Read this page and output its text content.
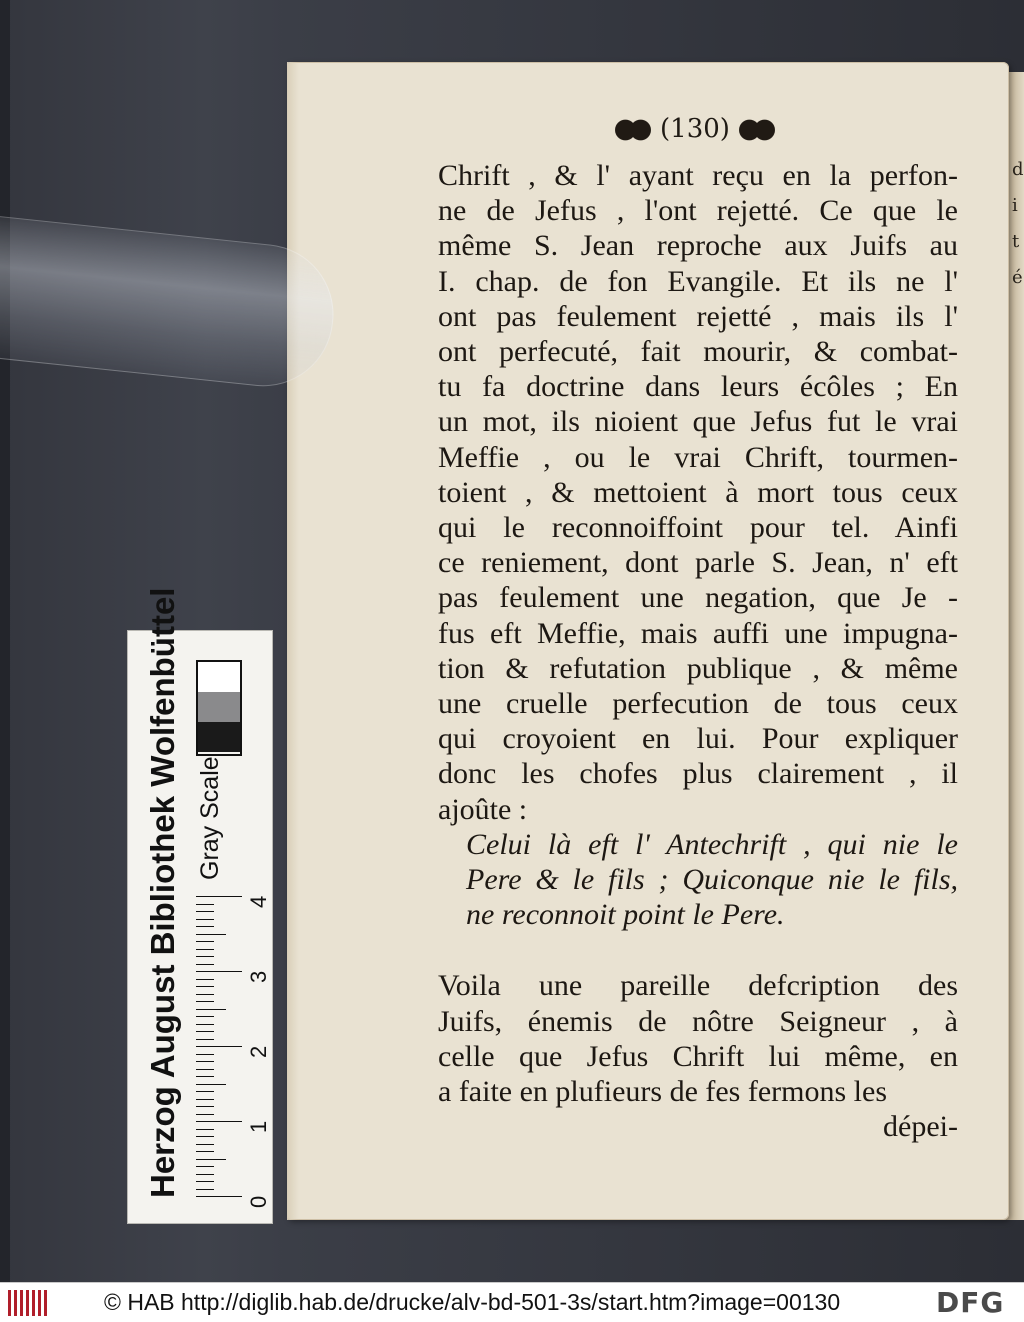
d
i
t
é
(130)
Chrift , & l' ayant reçu en la perfon-
ne de Jefus , l'ont rejetté. Ce que le
même S. Jean reproche aux Juifs au
I. chap. de fon Evangile. Et ils ne l'
ont pas feulement rejetté , mais ils l'
ont perfecuté, fait mourir, & combat-
tu fa doctrine dans leurs écôles ; En
un mot, ils nioient que Jefus fut le vrai
Meffie , ou le vrai Chrift, tourmen-
toient , & mettoient à mort tous ceux
qui le reconnoiffoint pour tel. Ainfi
ce reniement, dont parle S. Jean, n' eft
pas feulement une negation, que Je -
fus eft Meffie, mais auffi une impugna-
tion & refutation publique , & même
une cruelle perfecution de tous ceux
qui croyoient en lui. Pour expliquer
donc les chofes plus clairement , il
ajoûte :
Celui là eft l' Antechrift , qui nie le
Pere & le fils ; Quiconque nie le fils,
ne reconnoit point le Pere.
Voila une pareille defcription des
Juifs, énemis de nôtre Seigneur , à
celle que Jefus Chrift lui même, en
a faite en plufieurs de fes fermons les
dépei-
Herzog August Bibliothek Wolfenbüttel Gray Scale
© HAB http://diglib.hab.de/drucke/alv-bd-501-3s/start.htm?image=00130	DFG
0
1
2
3
4
